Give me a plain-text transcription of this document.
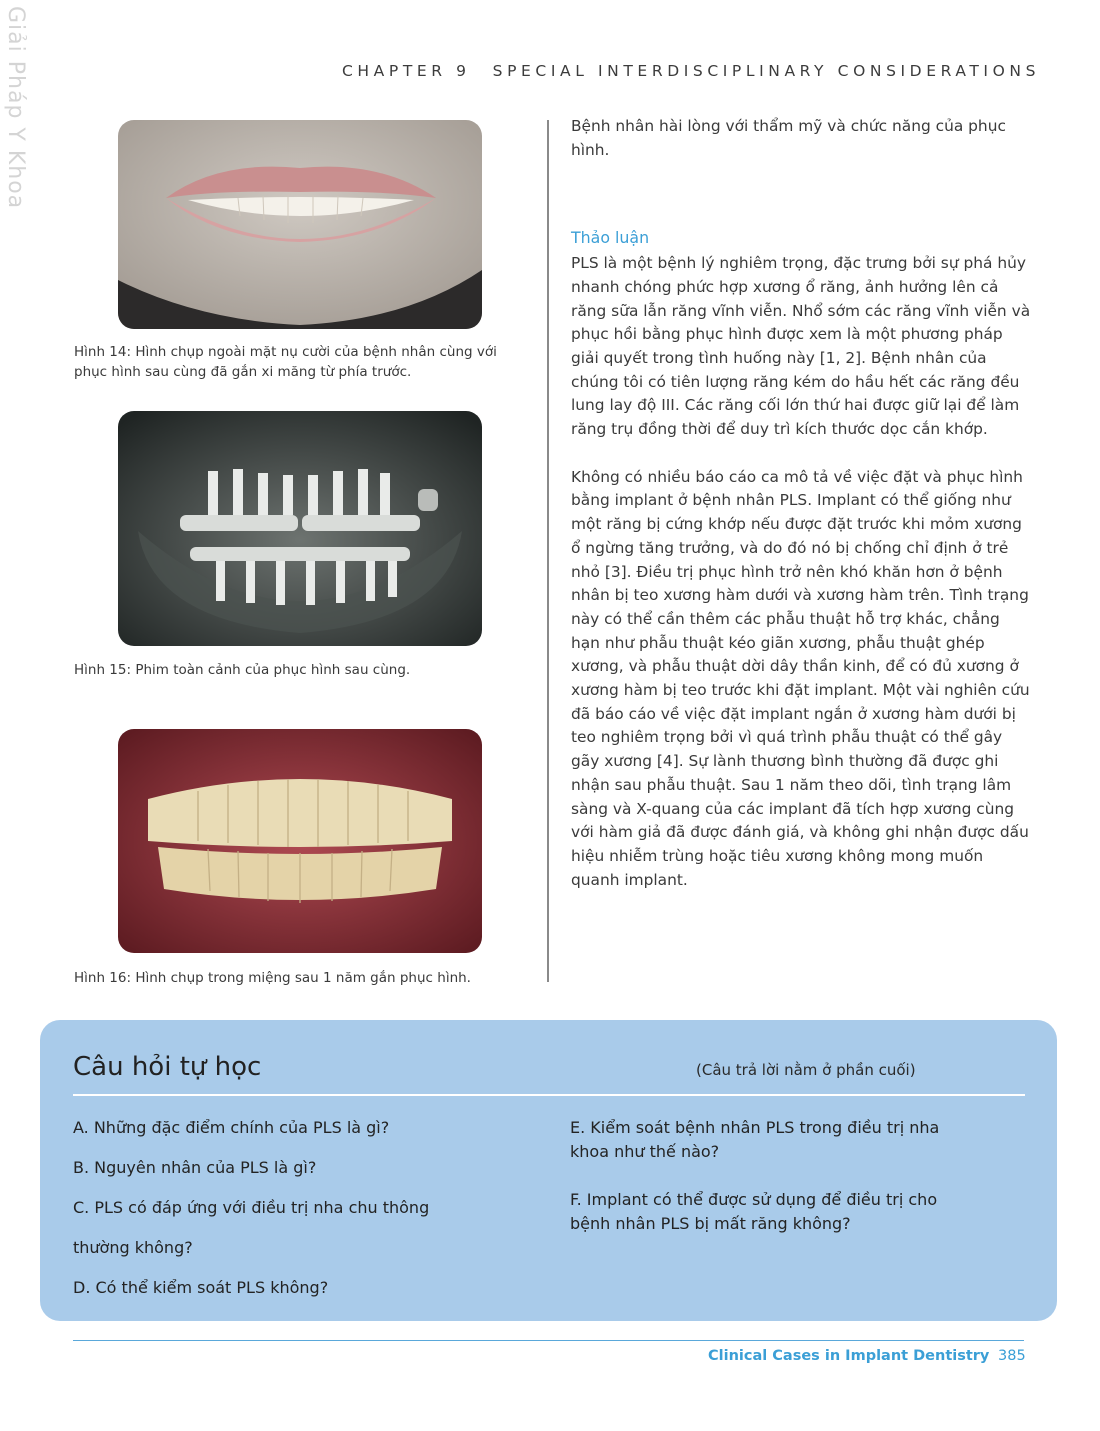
Giải Pháp Y Khoa	CHAPTER 9 SPECIAL INTERDISCIPLINARY CONSIDERATIONS
Hình 14: Hình chụp ngoài mặt nụ cười của bệnh nhân cùng với phục hình sau cùng đã gắn xi măng từ phía trước.
Hình 15: Phim toàn cảnh của phục hình sau cùng.
Hình 16: Hình chụp trong miệng sau 1 năm gắn phục hình.

Bệnh nhân hài lòng với thẩm mỹ và chức năng của phục hình.

Thảo luận

PLS là một bệnh lý nghiêm trọng, đặc trưng bởi sự phá hủy nhanh chóng phức hợp xương ổ răng, ảnh hưởng lên cả răng sữa lẫn răng vĩnh viễn. Nhổ sớm các răng vĩnh viễn và phục hồi bằng phục hình được xem là một phương pháp giải quyết trong tình huống này [1, 2]. Bệnh nhân của chúng tôi có tiên lượng răng kém do hầu hết các răng đều lung lay độ III. Các răng cối lớn thứ hai được giữ lại để làm răng trụ đồng thời để duy trì kích thước dọc cắn khớp.

Không có nhiều báo cáo ca mô tả về việc đặt và phục hình bằng implant ở bệnh nhân PLS. Implant có thể giống như một răng bị cứng khớp nếu được đặt trước khi mỏm xương ổ ngừng tăng trưởng, và do đó nó bị chống chỉ định ở trẻ nhỏ [3]. Điều trị phục hình trở nên khó khăn hơn ở bệnh nhân bị teo xương hàm dưới và xương hàm trên. Tình trạng này có thể cần thêm các phẫu thuật hỗ trợ khác, chẳng hạn như phẫu thuật kéo giãn xương, phẫu thuật ghép xương, và phẫu thuật dời dây thần kinh, để có đủ xương ở xương hàm bị teo trước khi đặt implant. Một vài nghiên cứu đã báo cáo về việc đặt implant ngắn ở xương hàm dưới bị teo nghiêm trọng bởi vì quá trình phẫu thuật có thể gây gãy xương [4]. Sự lành thương bình thường đã được ghi nhận sau phẫu thuật. Sau 1 năm theo dõi, tình trạng lâm sàng và X-quang của các implant đã tích hợp xương cùng với hàm giả đã được đánh giá, và không ghi nhận được dấu hiệu nhiễm trùng hoặc tiêu xương không mong muốn quanh implant.

Câu hỏi tự học	(Câu trả lời nằm ở phần cuối)
A. Những đặc điểm chính của PLS là gì?
B. Nguyên nhân của PLS là gì?
C. PLS có đáp ứng với điều trị nha chu thông
thường không?
D. Có thể kiểm soát PLS không?
E. Kiểm soát bệnh nhân PLS trong điều trị nha
khoa như thế nào?
F. Implant có thể được sử dụng để điều trị cho
bệnh nhân PLS bị mất răng không?
Clinical Cases in Implant Dentistry 385
